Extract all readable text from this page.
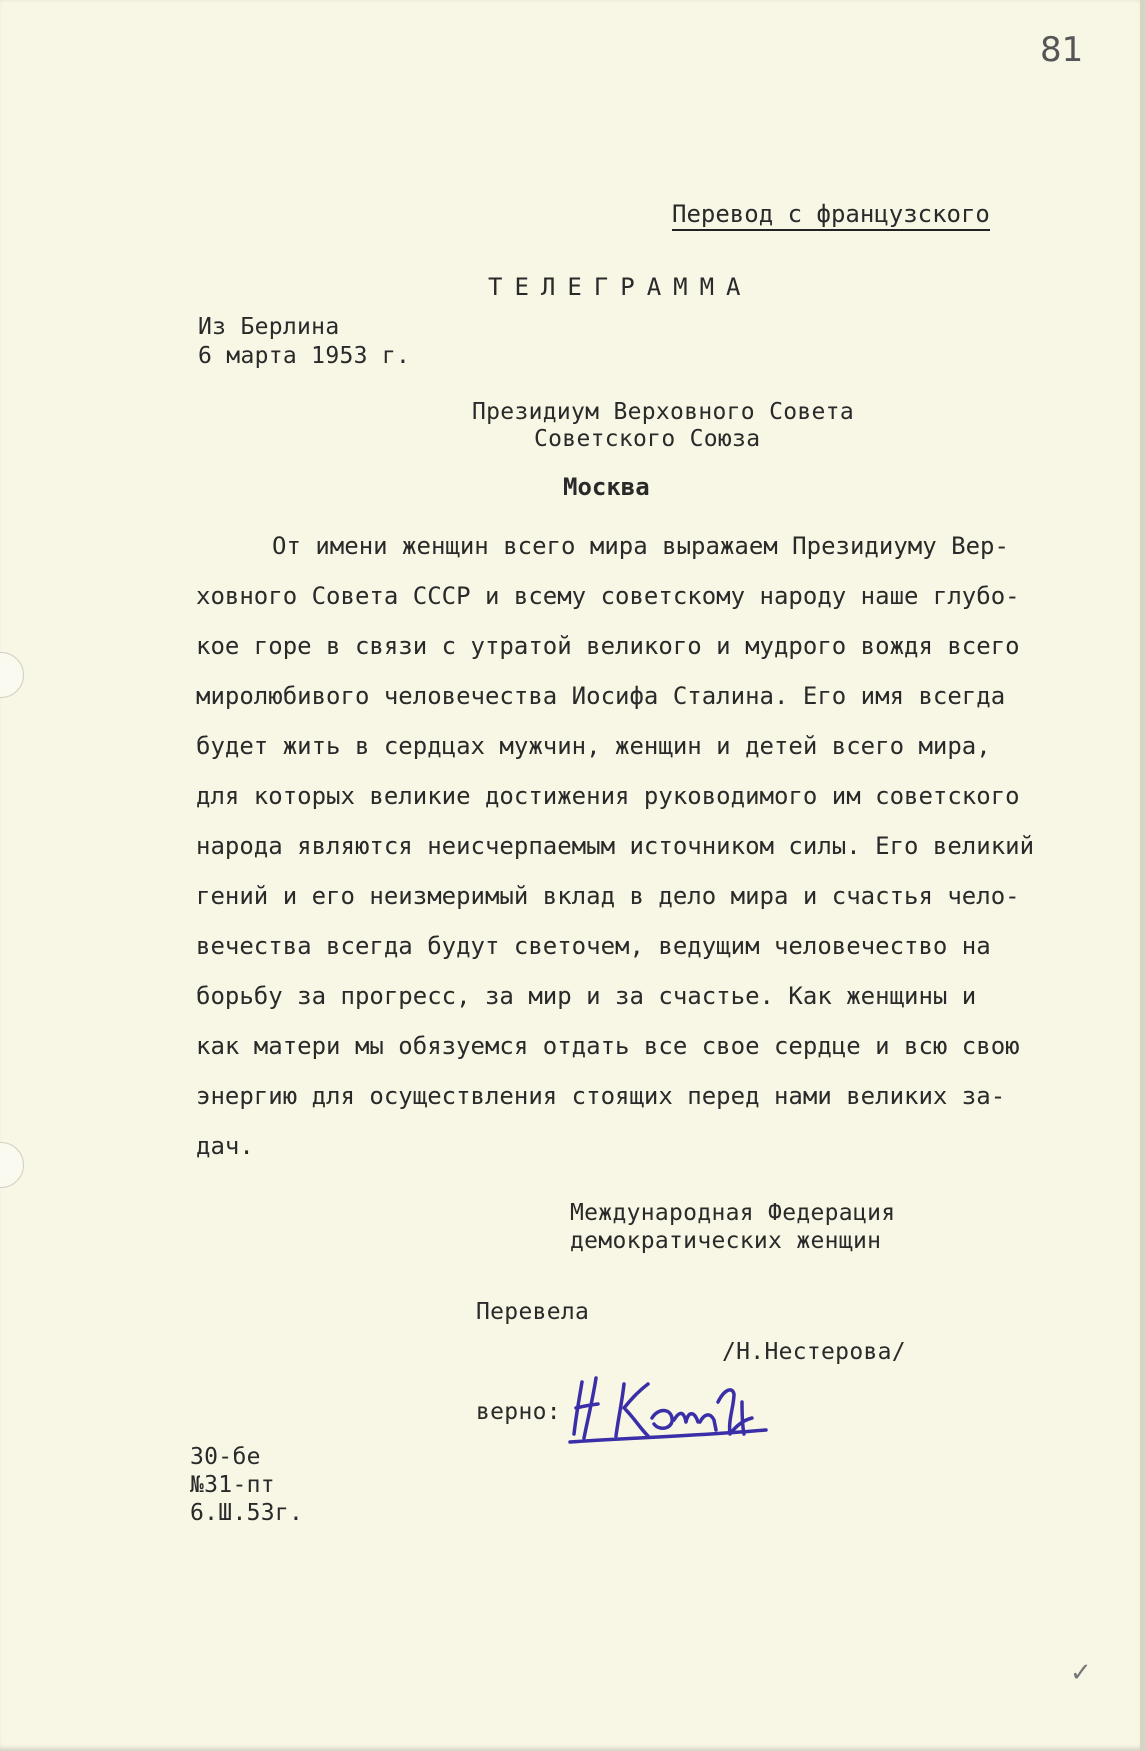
81
Перевод с французского
ТЕЛЕГРАММА
Из Берлина
6 марта 1953 г.
Президиум Верховного Совета
Советского Союза
Москва
От имени женщин всего мира выражаем Президиуму Вер-
ховного Совета СССР и всему советскому народу наше глубо-
кое горе в связи с утратой великого и мудрого вождя всего
миролюбивого человечества Иосифа Сталина. Его имя всегда
будет жить в сердцах мужчин, женщин и детей всего мира,
для которых великие достижения руководимого им советского
народа являются неисчерпаемым источником силы. Его великий
гений и его неизмеримый вклад в дело мира и счастья чело-
вечества всегда будут светочем, ведущим человечество на
борьбу за прогресс, за мир и за счастье. Как женщины и
как матери мы обязуемся отдать все свое сердце и всю свою
энергию для осуществления стоящих перед нами великих за-
дач.
Международная Федерация
демократических женщин
Перевела
/Н.Нестерова/
верно:
30-бе
№31-пт
6.Ш.53г.
✓
